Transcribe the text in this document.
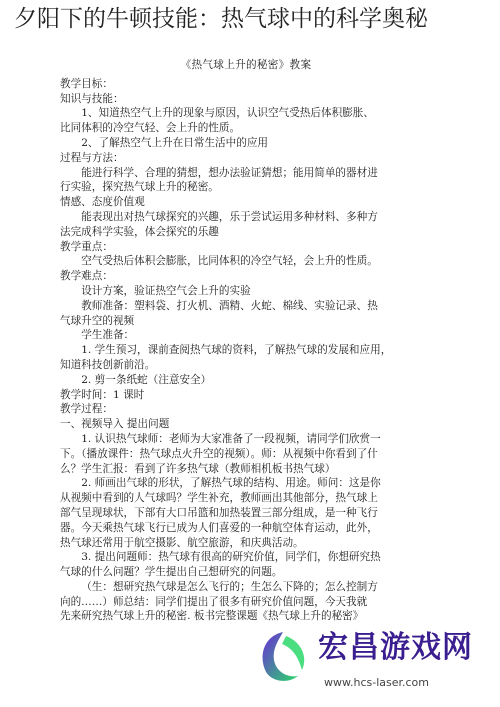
夕阳下的牛顿技能：热气球中的科学奥秘
《热气球上升的秘密》教案

教学目标：

知识与技能：

1、知道热空气上升的现象与原因，认识空气受热后体积膨胀、

比同体积的冷空气轻、会上升的性质。

2、了解热空气上升在日常生活中的应用

过程与方法：

能进行科学、合理的猜想，想办法验证猜想；能用简单的器材进

行实验，探究热气球上升的秘密。

情感、态度价值观

能表现出对热气球探究的兴趣，乐于尝试运用多种材料、多种方

法完成科学实验，体会探究的乐趣

教学重点：

空气受热后体积会膨胀，比同体积的冷空气轻，会上升的性质。

教学难点：

设计方案，验证热空气会上升的实验

教师准备：塑料袋、打火机、酒精、火蛇、棉线、实验记录、热

气球升空的视频

学生准备：

1. 学生预习，课前查阅热气球的资料，了解热气球的发展和应用，

知道科技创新前沿。

2. 剪一条纸蛇（注意安全）

教学时间：1 课时

教学过程：

一、视频导入 提出问题

1. 认识热气球师：老师为大家准备了一段视频，请同学们欣赏一

下。（播放课件：热气球点火升空的视频）。师：从视频中你看到了什

么？学生汇报：看到了许多热气球（教师相机板书热气球）

2. 师画出气球的形状，了解热气球的结构、用途。师问：这是你

从视频中看到的人气球吗？学生补充，教师画出其他部分，热气球上

部气呈现球状，下部有大口吊篮和加热装置三部分组成，是一种飞行

器。今天乘热气球飞行已成为人们喜爱的一种航空体育运动，此外，

热气球还常用于航空摄影、航空旅游，和庆典活动。

3. 提出问题师：热气球有很高的研究价值，同学们，你想研究热

气球的什么问题？学生提出自己想研究的问题。

（生：想研究热气球是怎么飞行的；生怎么下降的；怎么控制方

向的……）师总结：同学们提出了很多有研究价值问题，今天我就

先来研究热气球上升的秘密. 板书完整课题《热气球上升的秘密》

宏昌游戏网
www.hcs-laser.com
